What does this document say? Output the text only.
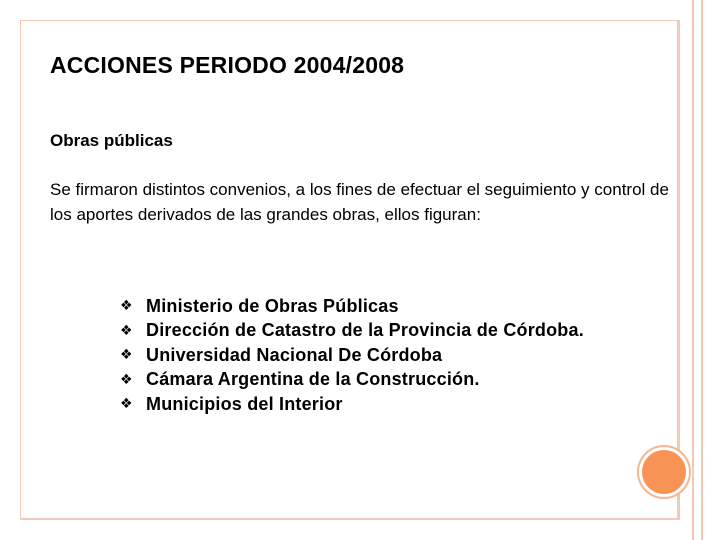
ACCIONES PERIODO 2004/2008
Obras públicas

Se firmaron distintos convenios, a los fines de efectuar el seguimiento y control de los aportes derivados de las grandes obras, ellos figuran:

❖ Ministerio de Obras Públicas
❖ Dirección de Catastro de la Provincia de Córdoba.
❖ Universidad Nacional De Córdoba
❖ Cámara Argentina de la Construcción.
❖ Municipios del Interior
